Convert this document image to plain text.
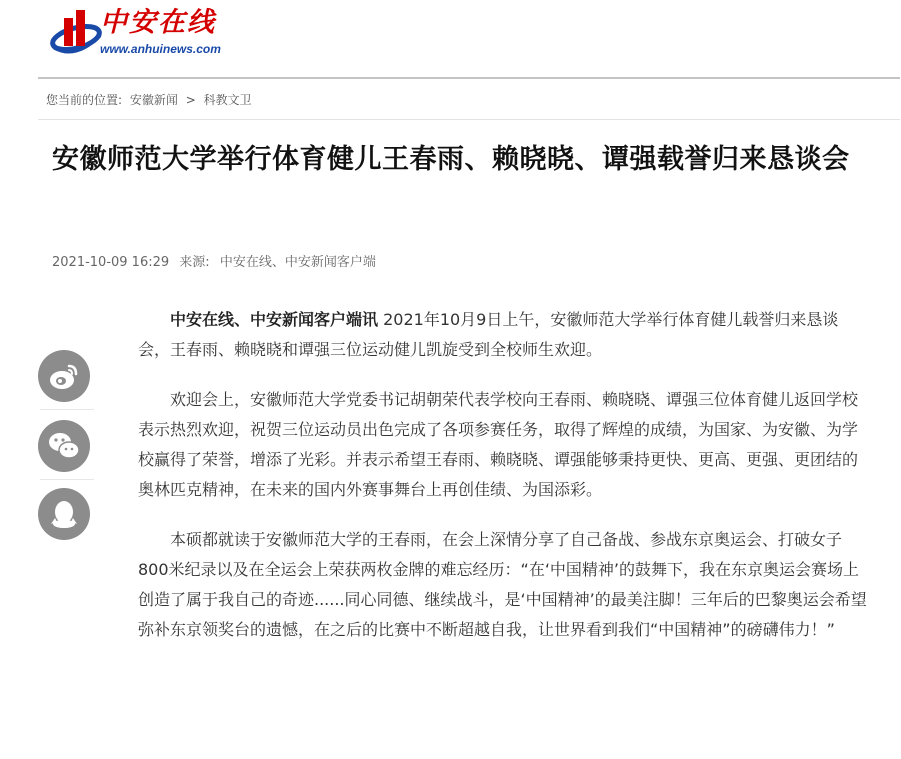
中安在线
www.anhuinews.com
您当前的位置: 安徽新闻 > 科教文卫
安徽师范大学举行体育健儿王春雨、赖晓晓、谭强载誉归来恳谈会
2021-10-09 16:29 来源: 中安在线、中安新闻客户端

中安在线、中安新闻客户端讯 2021年10月9日上午，安徽师范大学举行体育健儿载誉归来恳谈会，王春雨、赖晓晓和谭强三位运动健儿凯旋受到全校师生欢迎。

欢迎会上，安徽师范大学党委书记胡朝荣代表学校向王春雨、赖晓晓、谭强三位体育健儿返回学校表示热烈欢迎，祝贺三位运动员出色完成了各项参赛任务，取得了辉煌的成绩，为国家、为安徽、为学校赢得了荣誉，增添了光彩。并表示希望王春雨、赖晓晓、谭强能够秉持更快、更高、更强、更团结的奥林匹克精神，在未来的国内外赛事舞台上再创佳绩、为国添彩。

本硕都就读于安徽师范大学的王春雨，在会上深情分享了自己备战、参战东京奥运会、打破女子800米纪录以及在全运会上荣获两枚金牌的难忘经历：“在‘中国精神’的鼓舞下，我在东京奥运会赛场上创造了属于我自己的奇迹......同心同德、继续战斗，是‘中国精神’的最美注脚！三年后的巴黎奥运会希望弥补东京领奖台的遗憾，在之后的比赛中不断超越自我，让世界看到我们“中国精神”的磅礴伟力！”
